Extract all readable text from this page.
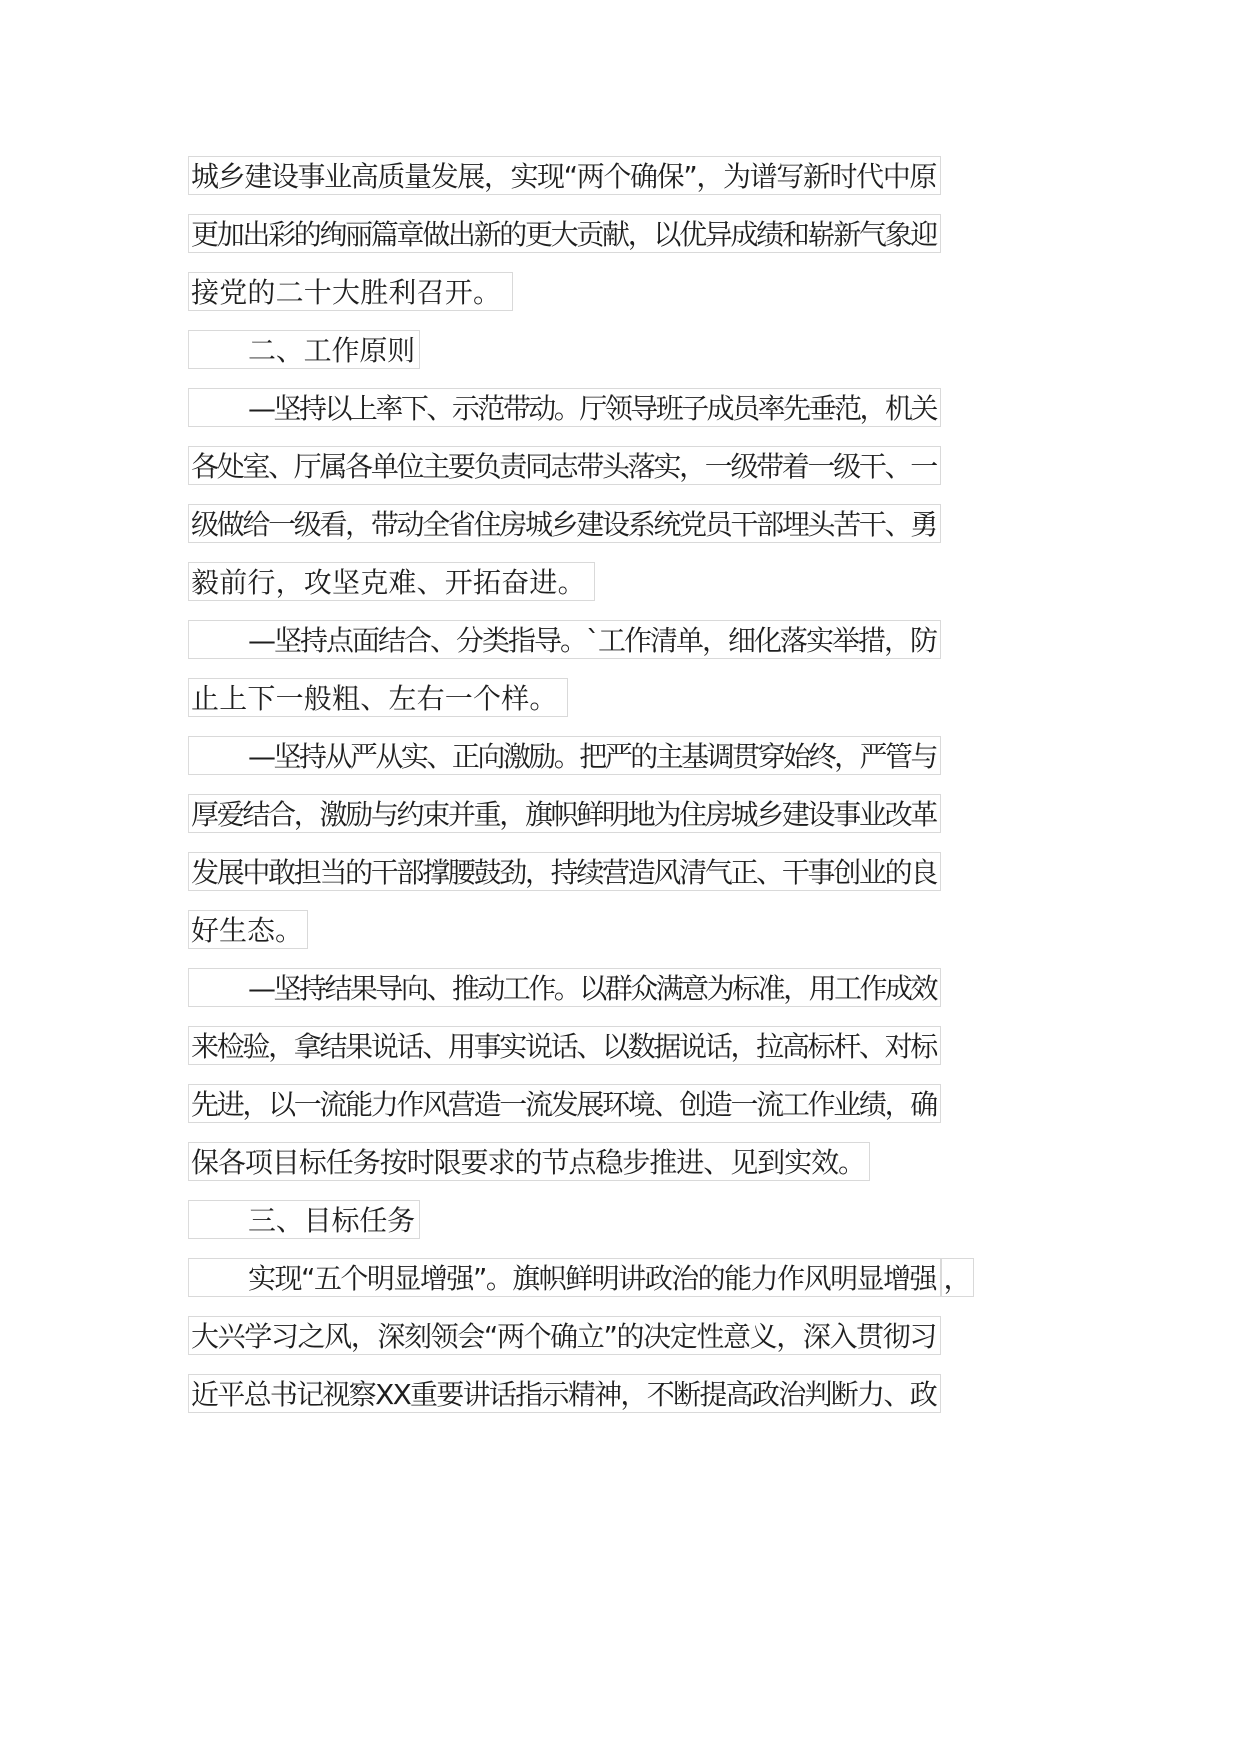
城乡建设事业高质量发展，实现“两个确保”，为谱写新时代中原
更加出彩的绚丽篇章做出新的更大贡献，以优异成绩和崭新气象迎
接党的二十大胜利召开。
二、工作原则
—坚持以上率下、示范带动。厅领导班子成员率先垂范，机关
各处室、厅属各单位主要负责同志带头落实，一级带着一级干、一
级做给一级看，带动全省住房城乡建设系统党员干部埋头苦干、勇
毅前行，攻坚克难、开拓奋进。
—坚持点面结合、分类指导。`工作清单，细化落实举措，防
止上下一般粗、左右一个样。
—坚持从严从实、正向激励。把严的主基调贯穿始终，严管与
厚爱结合，激励与约束并重，旗帜鲜明地为住房城乡建设事业改革
发展中敢担当的干部撑腰鼓劲，持续营造风清气正、干事创业的良
好生态。
—坚持结果导向、推动工作。以群众满意为标准，用工作成效
来检验，拿结果说话、用事实说话、以数据说话，拉高标杆、对标
先进，以一流能力作风营造一流发展环境、创造一流工作业绩，确
保各项目标任务按时限要求的节点稳步推进、见到实效。
三、目标任务
实现“五个明显增强”。旗帜鲜明讲政治的能力作风明显增强 ，
大兴学习之风，深刻领会“两个确立”的决定性意义，深入贯彻习
近平总书记视察XX重要讲话指示精神，不断提高政治判断力、政
